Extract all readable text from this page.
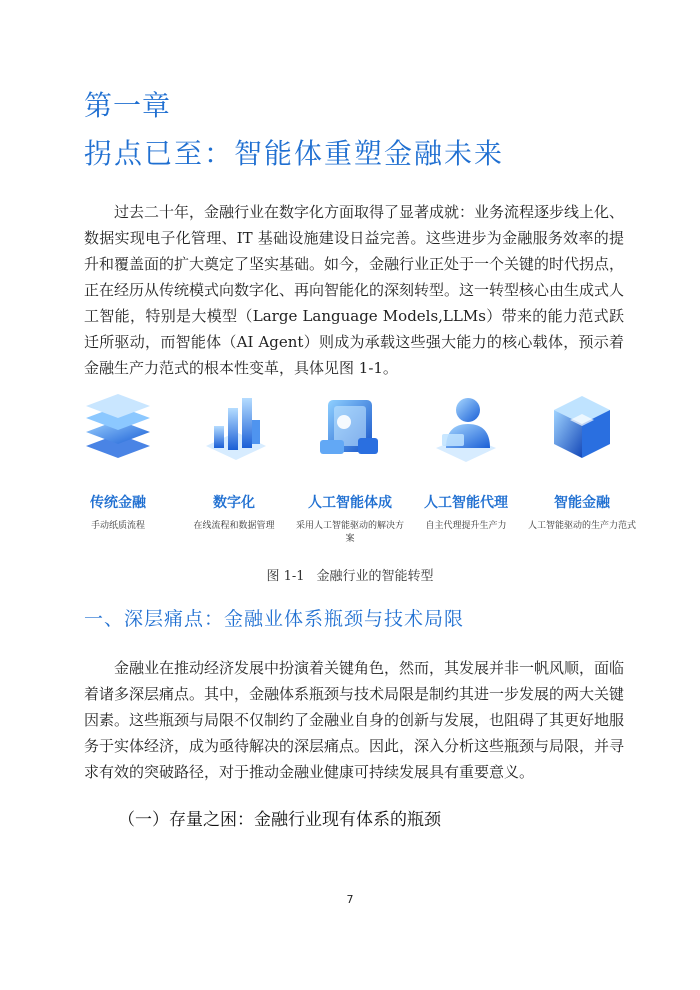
第一章
拐点已至：智能体重塑金融未来

过去二十年，金融行业在数字化方面取得了显著成就：业务流程逐步线上化、数据实现电子化管理、IT 基础设施建设日益完善。这些进步为金融服务效率的提升和覆盖面的扩大奠定了坚实基础。如今，金融行业正处于一个关键的时代拐点，正在经历从传统模式向数字化、再向智能化的深刻转型。这一转型核心由生成式人工智能，特别是大模型（Large Language Models,LLMs）带来的能力范式跃迁所驱动，而智能体（AI Agent）则成为承载这些强大能力的核心载体，预示着金融生产力范式的根本性变革，具体见图 1-1。

传统金融
手动纸质流程
数字化
在线流程和数据管理
人工智能体成
采用人工智能驱动的解决方案
人工智能代理
自主代理提升生产力
智能金融
人工智能驱动的生产力范式
图 1-1 金融行业的智能转型
一、深层痛点：金融业体系瓶颈与技术局限

金融业在推动经济发展中扮演着关键角色，然而，其发展并非一帆风顺，面临着诸多深层痛点。其中，金融体系瓶颈与技术局限是制约其进一步发展的两大关键因素。这些瓶颈与局限不仅制约了金融业自身的创新与发展，也阻碍了其更好地服务于实体经济，成为亟待解决的深层痛点。因此，深入分析这些瓶颈与局限，并寻求有效的突破路径，对于推动金融业健康可持续发展具有重要意义。

（一）存量之困：金融行业现有体系的瓶颈
7
